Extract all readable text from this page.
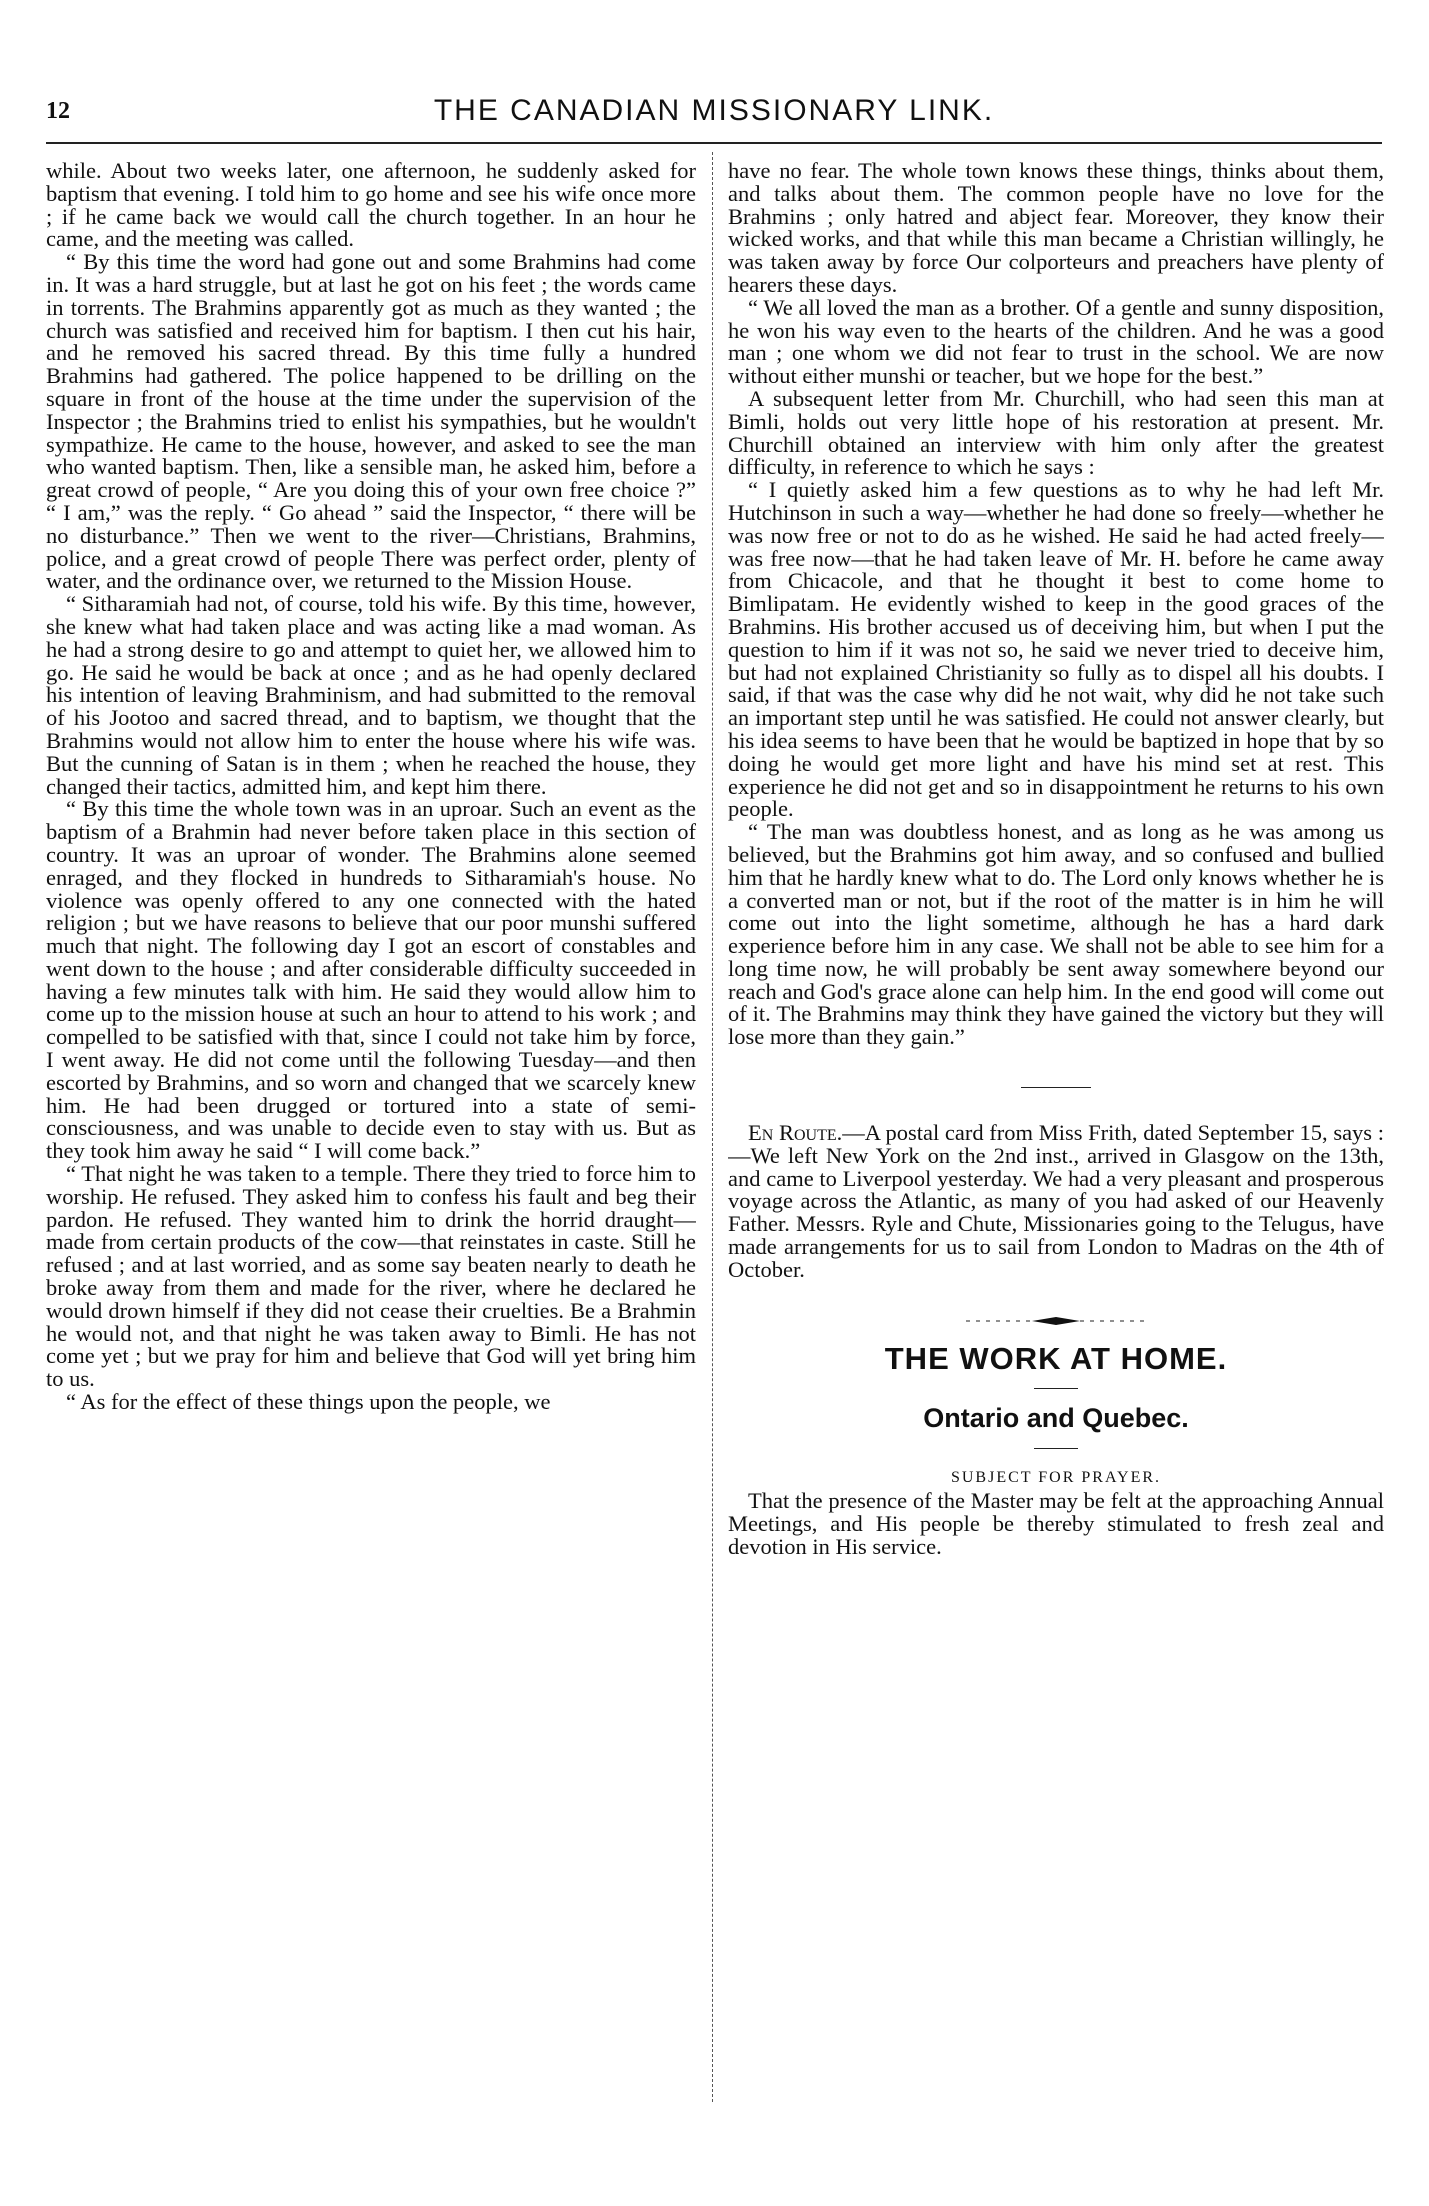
12	THE CANADIAN MISSIONARY LINK.

while. About two weeks later, one afternoon, he suddenly asked for baptism that evening. I told him to go home and see his wife once more ; if he came back we would call the church together. In an hour he came, and the meeting was called.

“ By this time the word had gone out and some Brahmins had come in. It was a hard struggle, but at last he got on his feet ; the words came in torrents. The Brahmins apparently got as much as they wanted ; the church was satisfied and received him for baptism. I then cut his hair, and he removed his sacred thread. By this time fully a hundred Brahmins had gathered. The police happened to be drilling on the square in front of the house at the time under the supervision of the Inspector ; the Brahmins tried to enlist his sympathies, but he wouldn't sympathize. He came to the house, however, and asked to see the man who wanted baptism. Then, like a sensible man, he asked him, before a great crowd of people, “ Are you doing this of your own free choice ?” “ I am,” was the reply. “ Go ahead ” said the Inspector, “ there will be no disturbance.” Then we went to the river—Christians, Brahmins, police, and a great crowd of people There was perfect order, plenty of water, and the ordinance over, we returned to the Mission House.

“ Sitharamiah had not, of course, told his wife. By this time, however, she knew what had taken place and was acting like a mad woman. As he had a strong desire to go and attempt to quiet her, we allowed him to go. He said he would be back at once ; and as he had openly declared his intention of leaving Brahminism, and had submitted to the removal of his Jootoo and sacred thread, and to baptism, we thought that the Brahmins would not allow him to enter the house where his wife was. But the cunning of Satan is in them ; when he reached the house, they changed their tactics, admitted him, and kept him there.

“ By this time the whole town was in an uproar. Such an event as the baptism of a Brahmin had never before taken place in this section of country. It was an uproar of wonder. The Brahmins alone seemed enraged, and they flocked in hundreds to Sitharamiah's house. No violence was openly offered to any one connected with the hated religion ; but we have reasons to believe that our poor munshi suffered much that night. The following day I got an escort of constables and went down to the house ; and after considerable difficulty succeeded in having a few minutes talk with him. He said they would allow him to come up to the mission house at such an hour to attend to his work ; and compelled to be satisfied with that, since I could not take him by force, I went away. He did not come until the following Tuesday—and then escorted by Brahmins, and so worn and changed that we scarcely knew him. He had been drugged or tortured into a state of semi-consciousness, and was unable to decide even to stay with us. But as they took him away he said “ I will come back.”

“ That night he was taken to a temple. There they tried to force him to worship. He refused. They asked him to confess his fault and beg their pardon. He refused. They wanted him to drink the horrid draught—made from certain products of the cow—that reinstates in caste. Still he refused ; and at last worried, and as some say beaten nearly to death he broke away from them and made for the river, where he declared he would drown himself if they did not cease their cruelties. Be a Brahmin he would not, and that night he was taken away to Bimli. He has not come yet ; but we pray for him and believe that God will yet bring him to us.

“ As for the effect of these things upon the people, we

have no fear. The whole town knows these things, thinks about them, and talks about them. The common people have no love for the Brahmins ; only hatred and abject fear. Moreover, they know their wicked works, and that while this man became a Christian willingly, he was taken away by force Our colporteurs and preachers have plenty of hearers these days.

“ We all loved the man as a brother. Of a gentle and sunny disposition, he won his way even to the hearts of the children. And he was a good man ; one whom we did not fear to trust in the school. We are now without either munshi or teacher, but we hope for the best.”

A subsequent letter from Mr. Churchill, who had seen this man at Bimli, holds out very little hope of his restoration at present. Mr. Churchill obtained an interview with him only after the greatest difficulty, in reference to which he says :

“ I quietly asked him a few questions as to why he had left Mr. Hutchinson in such a way—whether he had done so freely—whether he was now free or not to do as he wished. He said he had acted freely—was free now—that he had taken leave of Mr. H. before he came away from Chicacole, and that he thought it best to come home to Bimlipatam. He evidently wished to keep in the good graces of the Brahmins. His brother accused us of deceiving him, but when I put the question to him if it was not so, he said we never tried to deceive him, but had not explained Christianity so fully as to dispel all his doubts. I said, if that was the case why did he not wait, why did he not take such an important step until he was satisfied. He could not answer clearly, but his idea seems to have been that he would be baptized in hope that by so doing he would get more light and have his mind set at rest. This experience he did not get and so in disappointment he returns to his own people.

“ The man was doubtless honest, and as long as he was among us believed, but the Brahmins got him away, and so confused and bullied him that he hardly knew what to do. The Lord only knows whether he is a converted man or not, but if the root of the matter is in him he will come out into the light sometime, although he has a hard dark experience before him in any case. We shall not be able to see him for a long time now, he will probably be sent away somewhere beyond our reach and God's grace alone can help him. In the end good will come out of it. The Brahmins may think they have gained the victory but they will lose more than they gain.”

En Route.—A postal card from Miss Frith, dated September 15, says :—We left New York on the 2nd inst., arrived in Glasgow on the 13th, and came to Liverpool yesterday. We had a very pleasant and prosperous voyage across the Atlantic, as many of you had asked of our Heavenly Father. Messrs. Ryle and Chute, Missionaries going to the Telugus, have made arrangements for us to sail from London to Madras on the 4th of October.

THE WORK AT HOME.
Ontario and Quebec.

SUBJECT FOR PRAYER.

That the presence of the Master may be felt at the approaching Annual Meetings, and His people be thereby stimulated to fresh zeal and devotion in His service.
